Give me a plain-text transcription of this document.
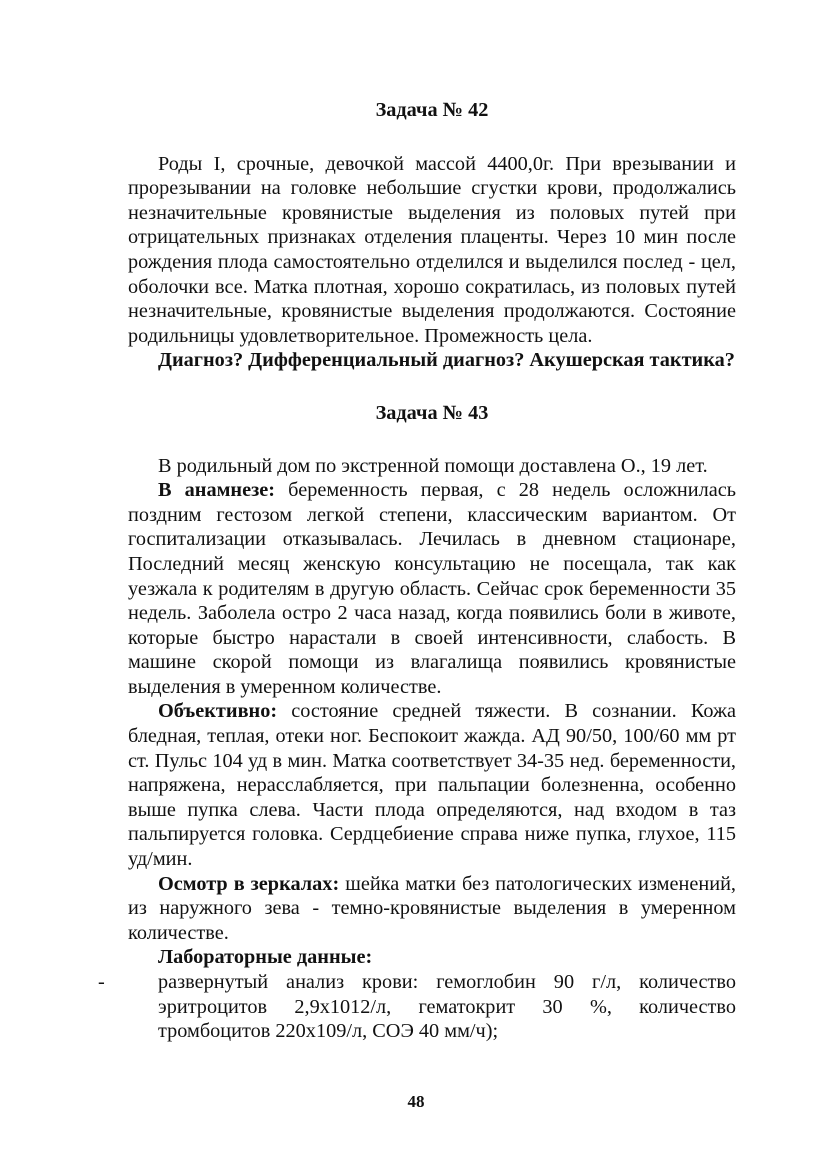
Задача № 42

Роды I, срочные, девочкой массой 4400,0г. При врезывании и прорезывании на головке небольшие сгустки крови, продолжались незначительные кровянистые выделения из половых путей при отрицательных признаках отделения плаценты. Через 10 мин после рождения плода самостоятельно отделился и выделился послед - цел, оболочки все. Матка плотная, хорошо сократилась, из половых путей незначительные, кровянистые выделения продолжаются. Состояние родильницы удовлетворительное. Промежность цела.

Диагноз? Дифференциальный диагноз? Акушерская тактика?

Задача № 43

В родильный дом по экстренной помощи доставлена О., 19 лет.

В анамнезе: беременность первая, с 28 недель осложнилась поздним гестозом легкой степени, классическим вариантом. От госпитализации отказывалась. Лечилась в дневном стационаре, Последний месяц женскую консультацию не посещала, так как уезжала к родителям в другую область. Сейчас срок беременности 35 недель. Заболела остро 2 часа назад, когда появились боли в животе, которые быстро нарастали в своей интенсивности, слабость. В машине скорой помощи из влагалища появились кровянистые выделения в умеренном количестве.

Объективно: состояние средней тяжести. В сознании. Кожа бледная, теплая, отеки ног. Беспокоит жажда. АД 90/50, 100/60 мм рт ст. Пульс 104 уд в мин. Матка соответствует 34-35 нед. беременности, напряжена, нерасслабляется, при пальпации болезненна, особенно выше пупка слева. Части плода определяются, над входом в таз пальпируется головка. Сердцебиение справа ниже пупка, глухое, 115 уд/мин.

Осмотр в зеркалах: шейка матки без патологических изменений, из наружного зева - темно-кровянистые выделения в умеренном количестве.

Лабораторные данные:
-	развернутый анализ крови: гемоглобин 90 г/л, количество эритроцитов 2,9х1012/л, гематокрит 30 %, количество тромбоцитов 220х109/л, СОЭ 40 мм/ч);
48
